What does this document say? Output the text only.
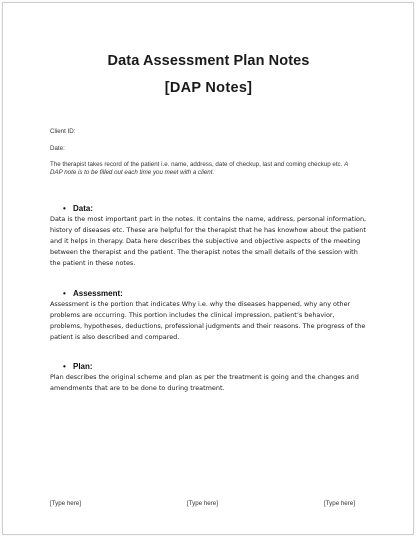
Data Assessment Plan Notes
[DAP Notes]
Client ID:
Date:
The therapist takes record of the patient i.e. name, address, date of checkup, last and coming checkup etc. A DAP note is to be filled out each time you meet with a client.
• Data:
Data is the most important part in the notes. It contains the name, address, personal information, history of diseases etc. These are helpful for the therapist that he has knowhow about the patient and it helps in therapy. Data here describes the subjective and objective aspects of the meeting between the therapist and the patient. The therapist notes the small details of the session with the patient in these notes.
• Assessment:
Assessment is the portion that indicates Why i.e. why the diseases happened, why any other problems are occurring. This portion includes the clinical impression, patient’s behavior, problems, hypotheses, deductions, professional judgments and their reasons. The progress of the patient is also described and compared.
• Plan:
Plan describes the original scheme and plan as per the treatment is going and the changes and amendments that are to be done to during treatment.
[Type here]	[Type here]	[Type here]
